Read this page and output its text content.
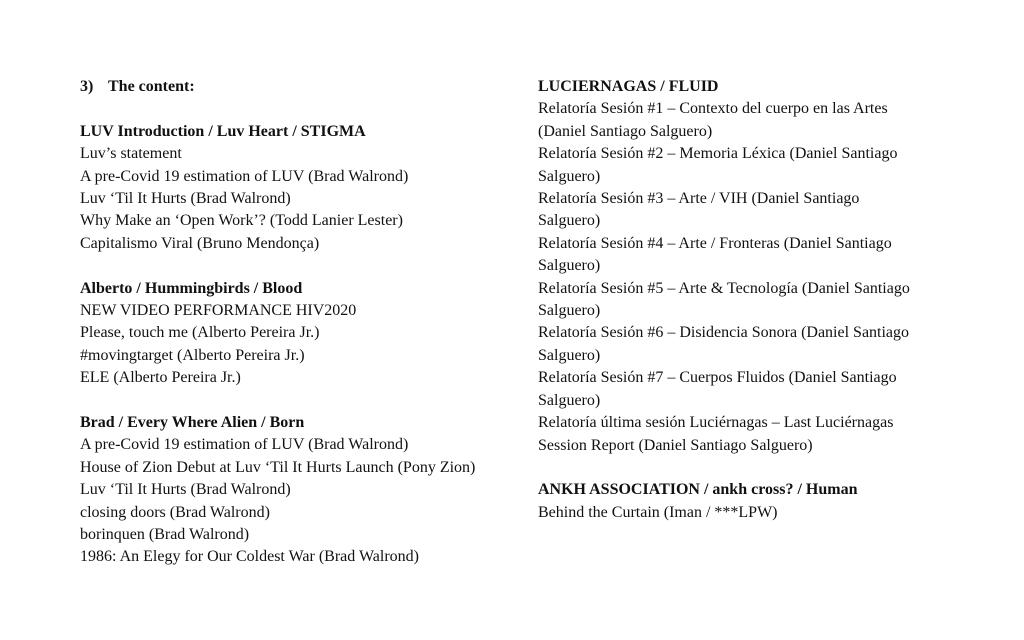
3) The content:

LUV Introduction / Luv Heart / STIGMA

Luv’s statement

A pre-Covid 19 estimation of LUV (Brad Walrond)

Luv ‘Til It Hurts (Brad Walrond)

Why Make an ‘Open Work’? (Todd Lanier Lester)

Capitalismo Viral (Bruno Mendonça)

Alberto / Hummingbirds / Blood

NEW VIDEO PERFORMANCE HIV2020

Please, touch me (Alberto Pereira Jr.)

#movingtarget (Alberto Pereira Jr.)

ELE (Alberto Pereira Jr.)

Brad / Every Where Alien / Born

A pre-Covid 19 estimation of LUV (Brad Walrond)

House of Zion Debut at Luv ‘Til It Hurts Launch (Pony Zion)

Luv ‘Til It Hurts (Brad Walrond)

closing doors (Brad Walrond)

borinquen (Brad Walrond)

1986: An Elegy for Our Coldest War (Brad Walrond)

LUCIERNAGAS / FLUID

Relatoría Sesión #1 – Contexto del cuerpo en las Artes (Daniel Santiago Salguero)

Relatoría Sesión #2 – Memoria Léxica (Daniel Santiago Salguero)

Relatoría Sesión #3 – Arte / VIH (Daniel Santiago Salguero)

Relatoría Sesión #4 – Arte / Fronteras (Daniel Santiago Salguero)

Relatoría Sesión #5 – Arte & Tecnología (Daniel Santiago Salguero)

Relatoría Sesión #6 – Disidencia Sonora (Daniel Santiago Salguero)

Relatoría Sesión #7 – Cuerpos Fluidos (Daniel Santiago Salguero)

Relatoría última sesión Luciérnagas – Last Luciérnagas Session Report (Daniel Santiago Salguero)

ANKH ASSOCIATION / ankh cross? / Human

Behind the Curtain (Iman / ***LPW)
